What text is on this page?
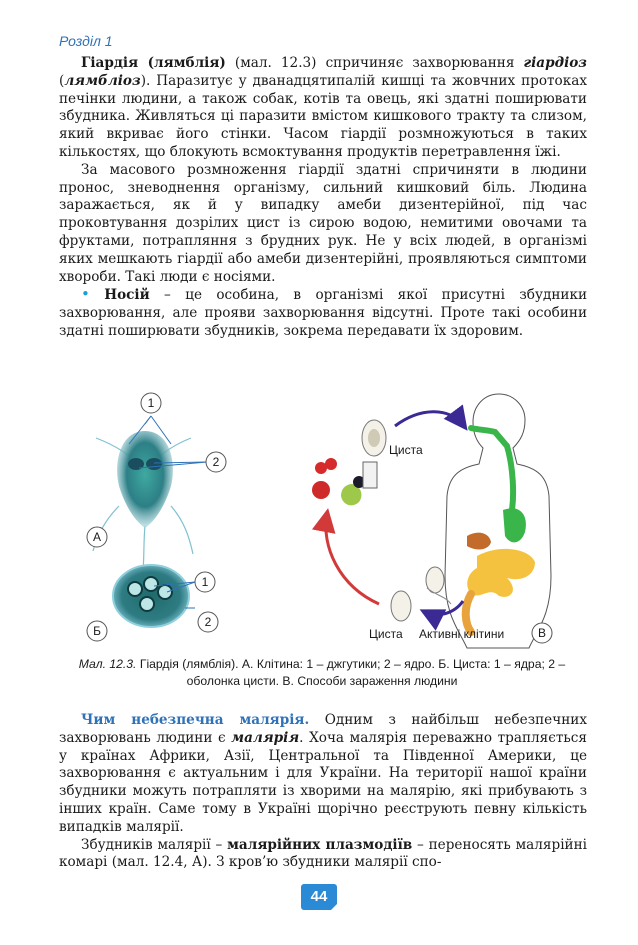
Розділ 1

Гіардія (лямблія) (мал. 12.3) спричиняє захворювання гіардіоз (лямбліоз). Паразитує у дванадцятипалій кишці та жовчних протоках печінки людини, а також собак, котів та овець, які здатні поширювати збудника. Живляться ці паразити вмістом кишкового тракту та слизом, який вкриває його стінки. Часом гіардії розмножуються в таких кількостях, що блокують всмоктування продуктів перетравлення їжі.

За масового розмноження гіардії здатні спричиняти в людини пронос, зневоднення організму, сильний кишковий біль. Людина заражається, як й у випадку амеби дизентерійної, під час проковтування дозрілих цист із сирою водою, немитими овочами та фруктами, потрапляння з брудних рук. Не у всіх людей, в організмі яких мешкають гіардії або амеби дизентерійні, проявляються симптоми хвороби. Такі люди є носіями.

• Носій – це особина, в організмі якої присутні збудники захворювання, але прояви захворювання відсутні. Проте такі особини здатні поширювати збудників, зокрема передавати їх здоровим.

1
2
А
1
2
Б
Циста
Циста Активні клітини	В
Мал. 12.3. Гіардія (лямблія). А. Клітина: 1 – джгутики; 2 – ядро. Б. Циста: 1 – ядра; 2 – оболонка цисти. В. Способи зараження людини

Чим небезпечна малярія. Одним з найбільш небезпечних захворювань людини є малярія. Хоча малярія переважно трапляється у країнах Африки, Азії, Центральної та Південної Америки, це захворювання є актуальним і для України. На території нашої країни збудники можуть потрапляти із хворими на малярію, які прибувають з інших країн. Саме тому в Україні щорічно реєструють певну кількість випадків малярії.

Збудників малярії – малярійних плазмодіїв – переносять малярійні комарі (мал. 12.4, А). З кров’ю збудники малярії спо-

44
